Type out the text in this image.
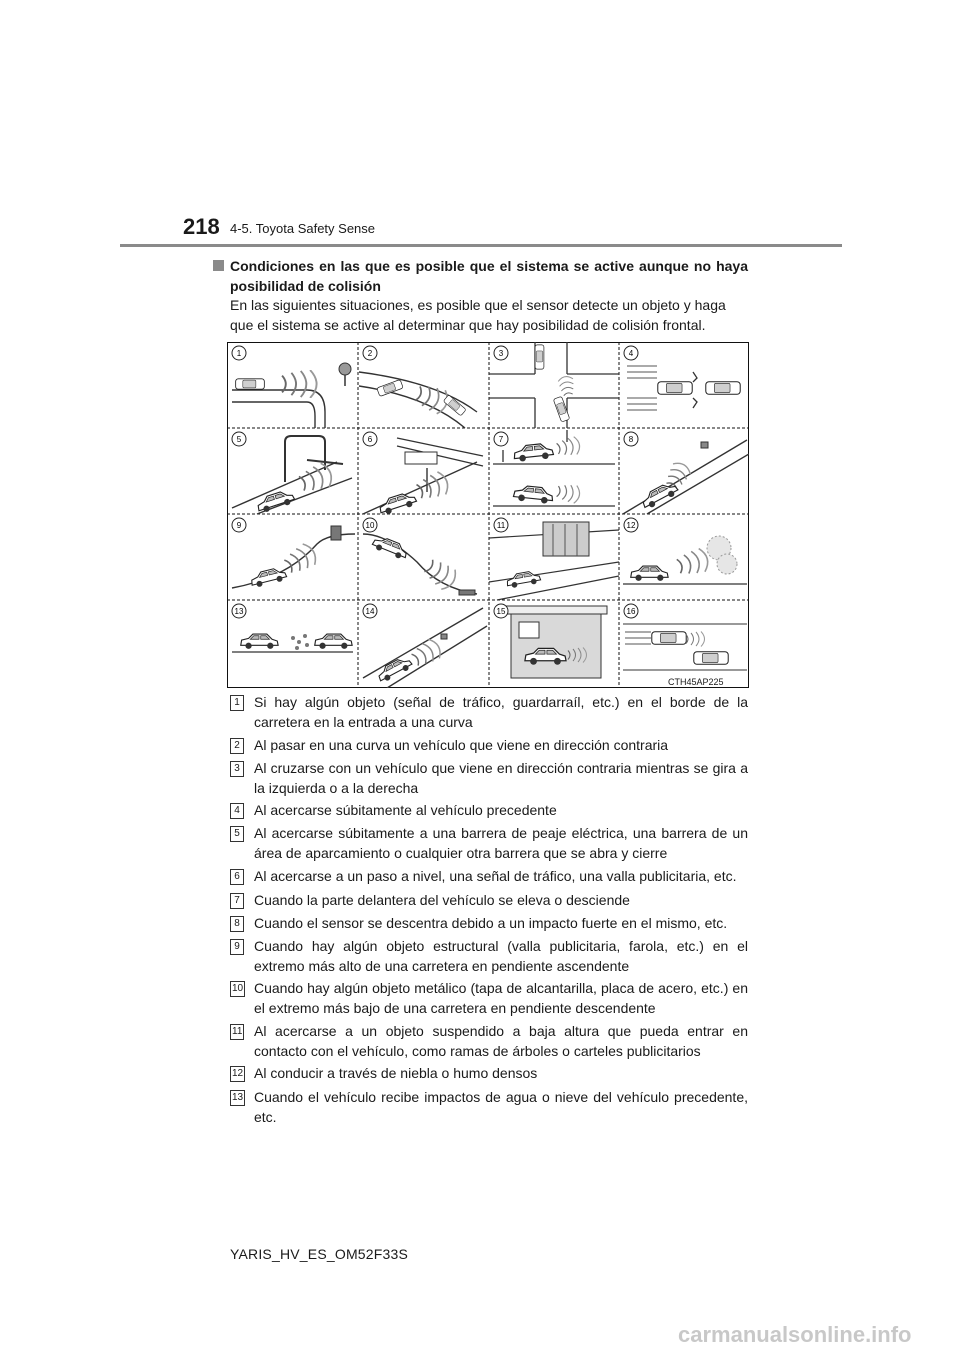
218 4-5. Toyota Safety Sense
Condiciones en las que es posible que el sistema se active aunque no haya posibilidad de colisión
En las siguientes situaciones, es posible que el sensor detecte un objeto y haga que el sistema se active al determinar que hay posibilidad de colisión frontal.
1	2	3	4
5	6	7	8
9	10	11	12
13	14	15	16
CTH45AP225
1	Si hay algún objeto (señal de tráfico, guardarraíl, etc.) en el borde de la carretera en la entrada a una curva
2	Al pasar en una curva un vehículo que viene en dirección contraria
3	Al cruzarse con un vehículo que viene en dirección contraria mientras se gira a la izquierda o a la derecha
4	Al acercarse súbitamente al vehículo precedente
5	Al acercarse súbitamente a una barrera de peaje eléctrica, una barrera de un área de aparcamiento o cualquier otra barrera que se abra y cierre
6	Al acercarse a un paso a nivel, una señal de tráfico, una valla publicitaria, etc.
7	Cuando la parte delantera del vehículo se eleva o desciende
8	Cuando el sensor se descentra debido a un impacto fuerte en el mismo, etc.
9	Cuando hay algún objeto estructural (valla publicitaria, farola, etc.) en el extremo más alto de una carretera en pendiente ascendente
10 Cuando hay algún objeto metálico (tapa de alcantarilla, placa de acero, etc.) en el extremo más bajo de una carretera en pendiente descendente
11 Al acercarse a un objeto suspendido a baja altura que pueda entrar en contacto con el vehículo, como ramas de árboles o carteles publicitarios
12 Al conducir a través de niebla o humo densos
13 Cuando el vehículo recibe impactos de agua o nieve del vehículo precedente, etc.
YARIS_HV_ES_OM52F33S
carmanualsonline.info
